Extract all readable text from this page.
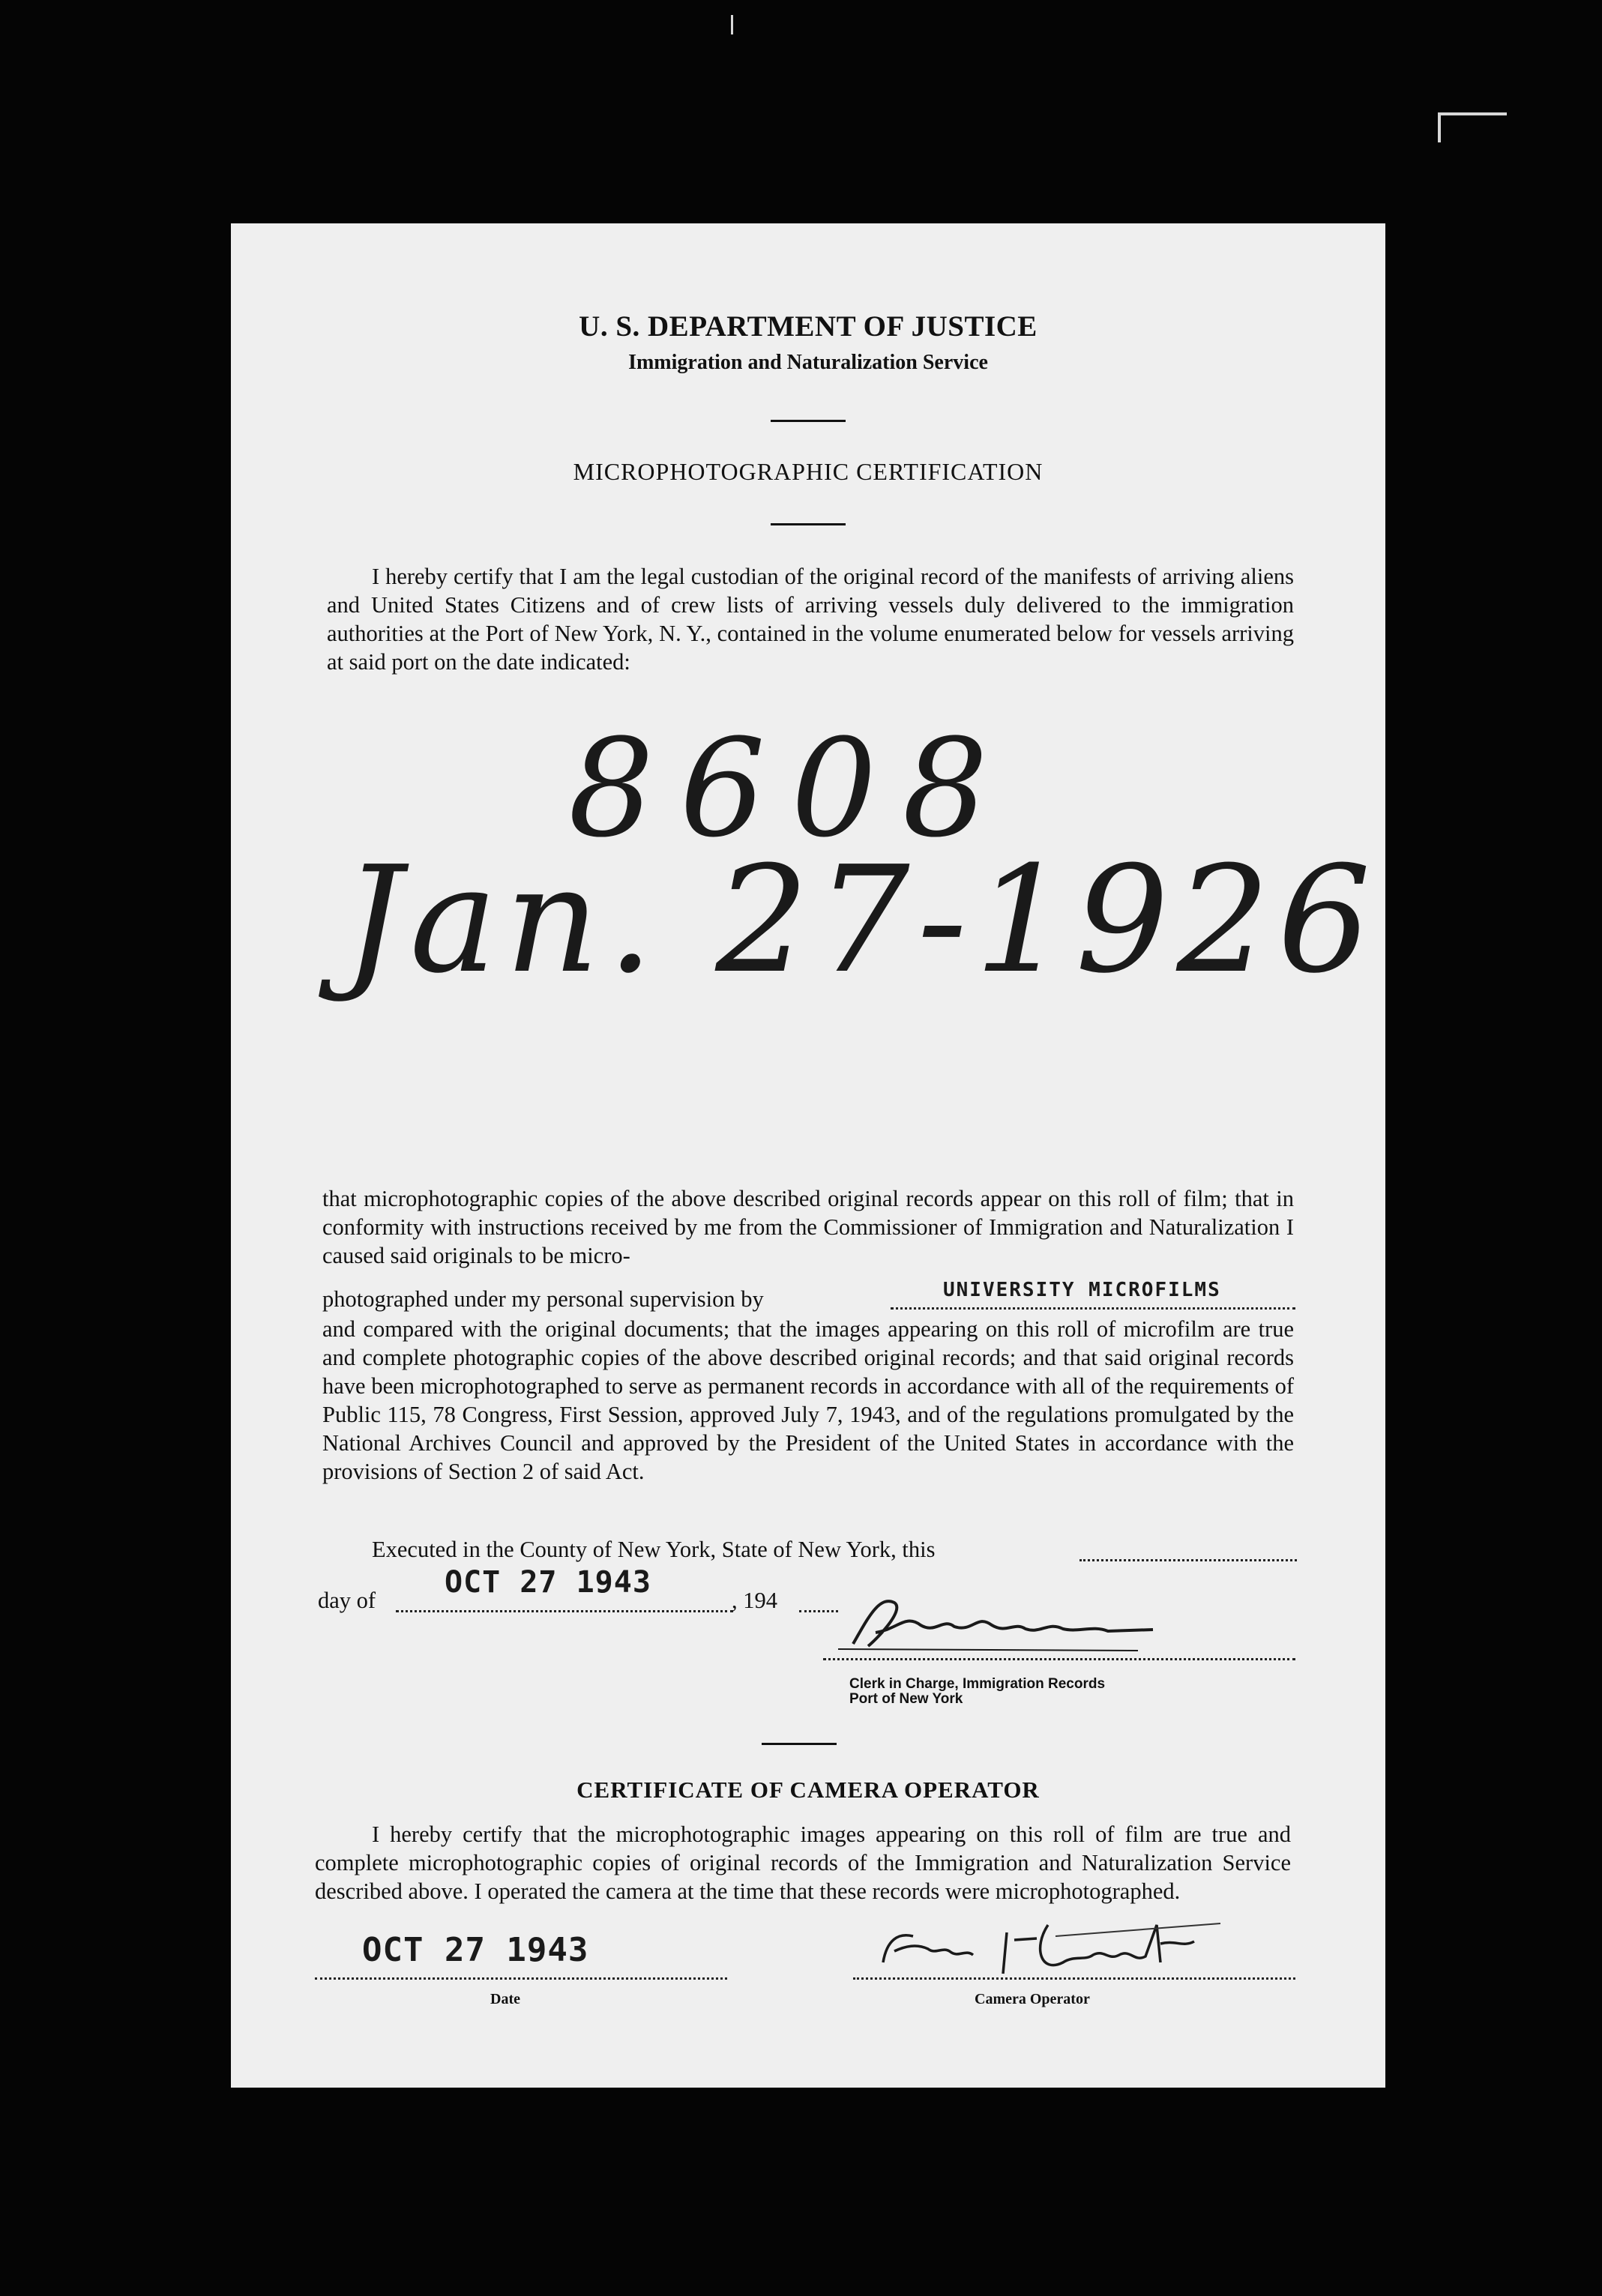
U. S. DEPARTMENT OF JUSTICE
Immigration and Naturalization Service
MICROPHOTOGRAPHIC CERTIFICATION
I hereby certify that I am the legal custodian of the original record of the manifests of arriving aliens and United States Citizens and of crew lists of arriving vessels duly delivered to the immigration authorities at the Port of New York, N. Y., contained in the volume enumerated below for vessels arriving at said port on the date indicated:
8608
Jan. 27-1926
that microphotographic copies of the above described original records appear on this roll of film; that in conformity with instructions received by me from the Commissioner of Immigration and Naturalization I caused said originals to be micro-
photographed under my personal supervision by	UNIVERSITY MICROFILMS
and compared with the original documents; that the images appearing on this roll of microfilm are true and complete photographic copies of the above described original records; and that said original records have been microphotographed to serve as permanent records in accordance with all of the requirements of Public 115, 78 Congress, First Session, approved July 7, 1943, and of the regulations promulgated by the National Archives Council and approved by the President of the United States in accordance with the provisions of Section 2 of said Act.
Executed in the County of New York, State of New York, this
day of
OCT 27 1943
, 194
Clerk in Charge, Immigration Records
Port of New York
CERTIFICATE OF CAMERA OPERATOR
I hereby certify that the microphotographic images appearing on this roll of film are true and complete microphotographic copies of original records of the Immigration and Naturalization Service described above. I operated the camera at the time that these records were microphotographed.
OCT 27 1943
Date	Camera Operator
